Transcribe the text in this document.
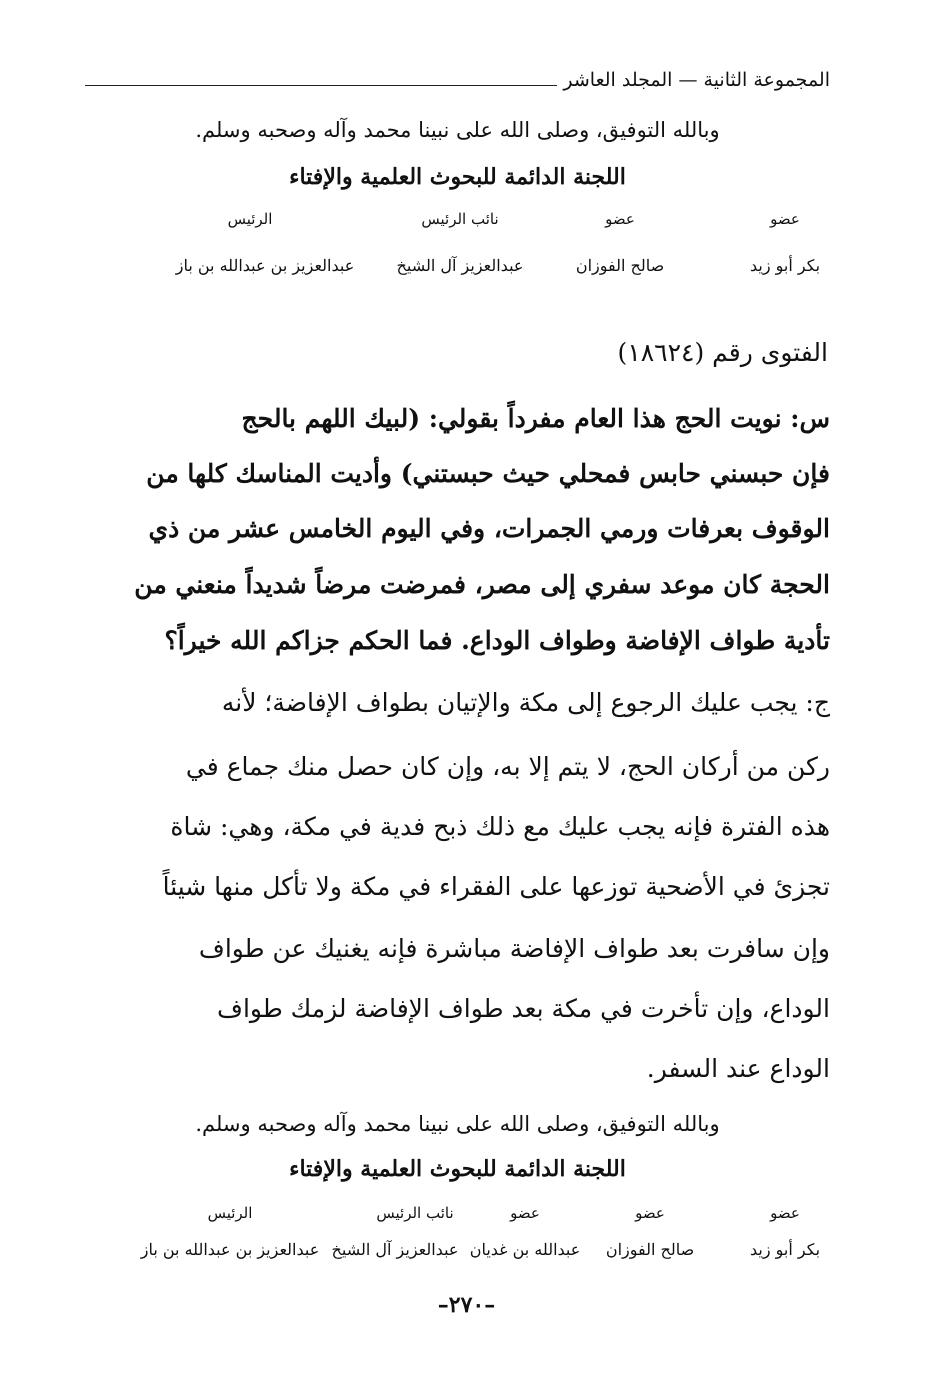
المجموعة الثانية — المجلد العاشر
وبالله التوفيق، وصلى الله على نبينا محمد وآله وصحبه وسلم.
اللجنة الدائمة للبحوث العلمية والإفتاء
عضو
عضو
نائب الرئيس
الرئيس
بكر أبو زيد
صالح الفوزان
عبدالعزيز آل الشيخ
عبدالعزيز بن عبدالله بن باز
الفتوى رقم (١٨٦٢٤)
س: نويت الحج هذا العام مفرداً بقولي: (لبيك اللهم بالحج
فإن حبسني حابس فمحلي حيث حبستني) وأديت المناسك كلها من
الوقوف بعرفات ورمي الجمرات، وفي اليوم الخامس عشر من ذي
الحجة كان موعد سفري إلى مصر، فمرضت مرضاً شديداً منعني من
تأدية طواف الإفاضة وطواف الوداع. فما الحكم جزاكم الله خيراً؟
ج: يجب عليك الرجوع إلى مكة والإتيان بطواف الإفاضة؛ لأنه
ركن من أركان الحج، لا يتم إلا به، وإن كان حصل منك جماع في
هذه الفترة فإنه يجب عليك مع ذلك ذبح فدية في مكة، وهي: شاة
تجزئ في الأضحية توزعها على الفقراء في مكة ولا تأكل منها شيئاً
وإن سافرت بعد طواف الإفاضة مباشرة فإنه يغنيك عن طواف
الوداع، وإن تأخرت في مكة بعد طواف الإفاضة لزمك طواف
الوداع عند السفر.
وبالله التوفيق، وصلى الله على نبينا محمد وآله وصحبه وسلم.
اللجنة الدائمة للبحوث العلمية والإفتاء
عضو
عضو
عضو
نائب الرئيس
الرئيس
بكر أبو زيد
صالح الفوزان
عبدالله بن غديان
عبدالعزيز آل الشيخ
عبدالعزيز بن عبدالله بن باز
–٢٧٠–
